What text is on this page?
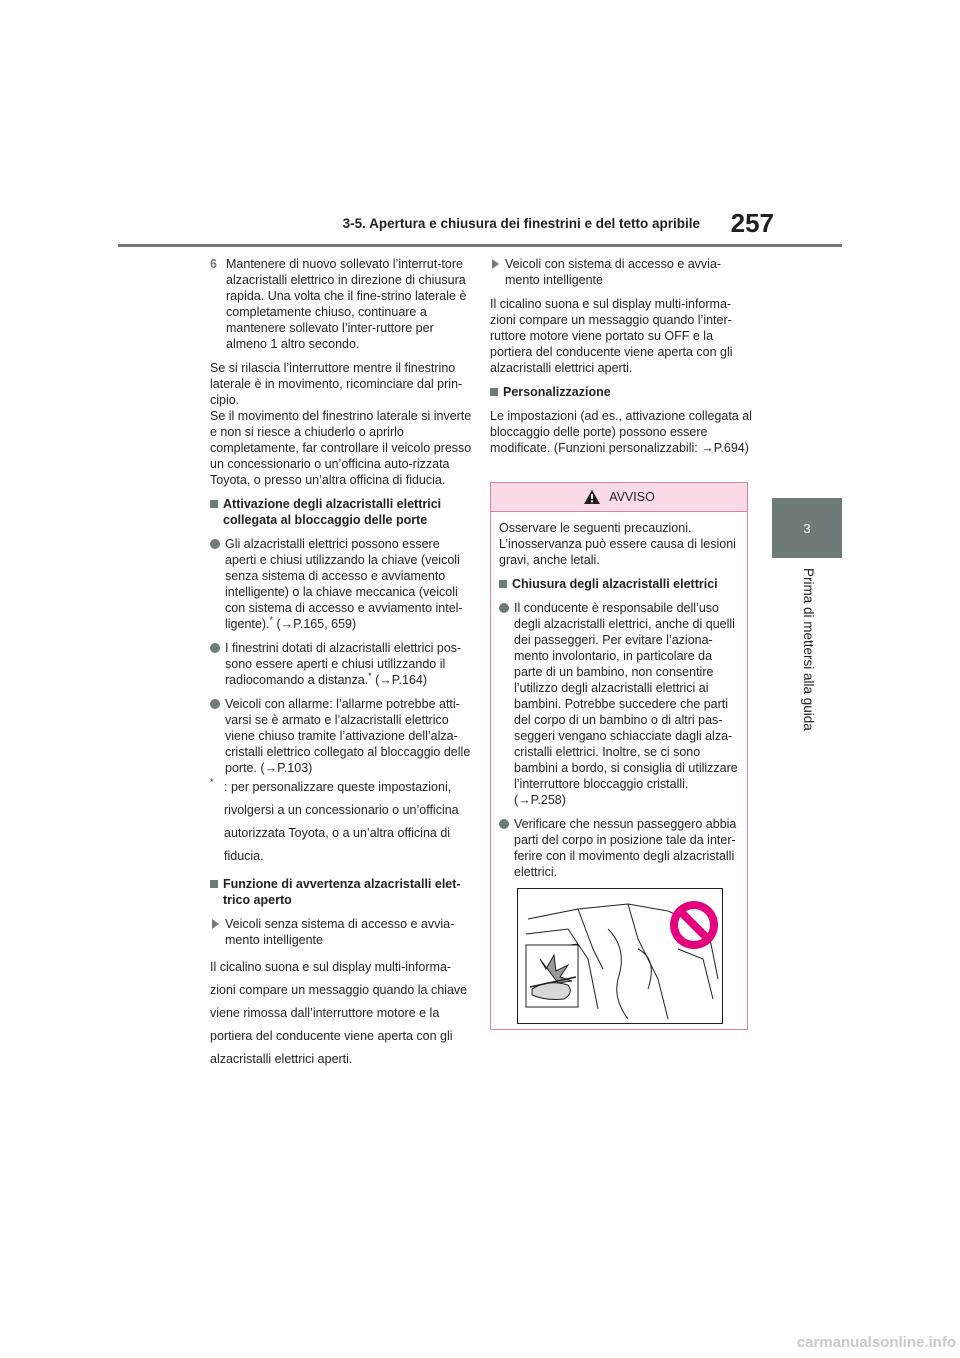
3-5. Apertura e chiusura dei finestrini e del tetto apribile	257
3
Prima di mettersi alla guida
6 Mantenere di nuovo sollevato l’interrut-tore alzacristalli elettrico in direzione di chiusura rapida. Una volta che il fine-strino laterale è completamente chiuso, continuare a mantenere sollevato l’inter-ruttore per almeno 1 altro secondo.

Se si rilascia l’interruttore mentre il finestrino laterale è in movimento, ricominciare dal prin-cipio.

Se il movimento del finestrino laterale si inverte e non si riesce a chiuderlo o aprirlo completamente, far controllare il veicolo presso un concessionario o un’officina auto-rizzata Toyota, o presso un’altra officina di fiducia.

Attivazione degli alzacristalli elettrici collegata al bloccaggio delle porte
Gli alzacristalli elettrici possono essere aperti e chiusi utilizzando la chiave (veicoli senza sistema di accesso e avviamento intelligente) o la chiave meccanica (veicoli con sistema di accesso e avviamento intel-ligente).* (→P.165, 659)
I finestrini dotati di alzacristalli elettrici pos-sono essere aperti e chiusi utilizzando il radiocomando a distanza.* (→P.164)
Veicoli con allarme: l’allarme potrebbe atti-varsi se è armato e l’alzacristalli elettrico viene chiuso tramite l’attivazione dell’alza-cristalli elettrico collegato al bloccaggio delle porte. (→P.103)
* : per personalizzare queste impostazioni, rivolgersi a un concessionario o un’officina autorizzata Toyota, o a un’altra officina di fiducia.
Funzione di avvertenza alzacristalli elet-trico aperto
Veicoli senza sistema di accesso e avvia-mento intelligente

Il cicalino suona e sul display multi-informa-zioni compare un messaggio quando la chiave viene rimossa dall’interruttore motore e la portiera del conducente viene aperta con gli alzacristalli elettrici aperti.

Veicoli con sistema di accesso e avvia-mento intelligente

Il cicalino suona e sul display multi-informa-zioni compare un messaggio quando l’inter-ruttore motore viene portato su OFF e la portiera del conducente viene aperta con gli alzacristalli elettrici aperti.

Personalizzazione

Le impostazioni (ad es., attivazione collegata al bloccaggio delle porte) possono essere modificate. (Funzioni personalizzabili: →P.694)

AVVISO

Osservare le seguenti precauzioni. L’inosservanza può essere causa di lesioni gravi, anche letali.

Chiusura degli alzacristalli elettrici
Il conducente è responsabile dell’uso degli alzacristalli elettrici, anche di quelli dei passeggeri. Per evitare l’aziona-mento involontario, in particolare da parte di un bambino, non consentire l’utilizzo degli alzacristalli elettrici ai bambini. Potrebbe succedere che parti del corpo di un bambino o di altri pas-seggeri vengano schiacciate dagli alza-cristalli elettrici. Inoltre, se ci sono bambini a bordo, si consiglia di utilizzare l’interruttore bloccaggio cristalli. (→P.258)
Verificare che nessun passeggero abbia parti del corpo in posizione tale da inter-ferire con il movimento degli alzacristalli elettrici.
carmanualsonline.info
